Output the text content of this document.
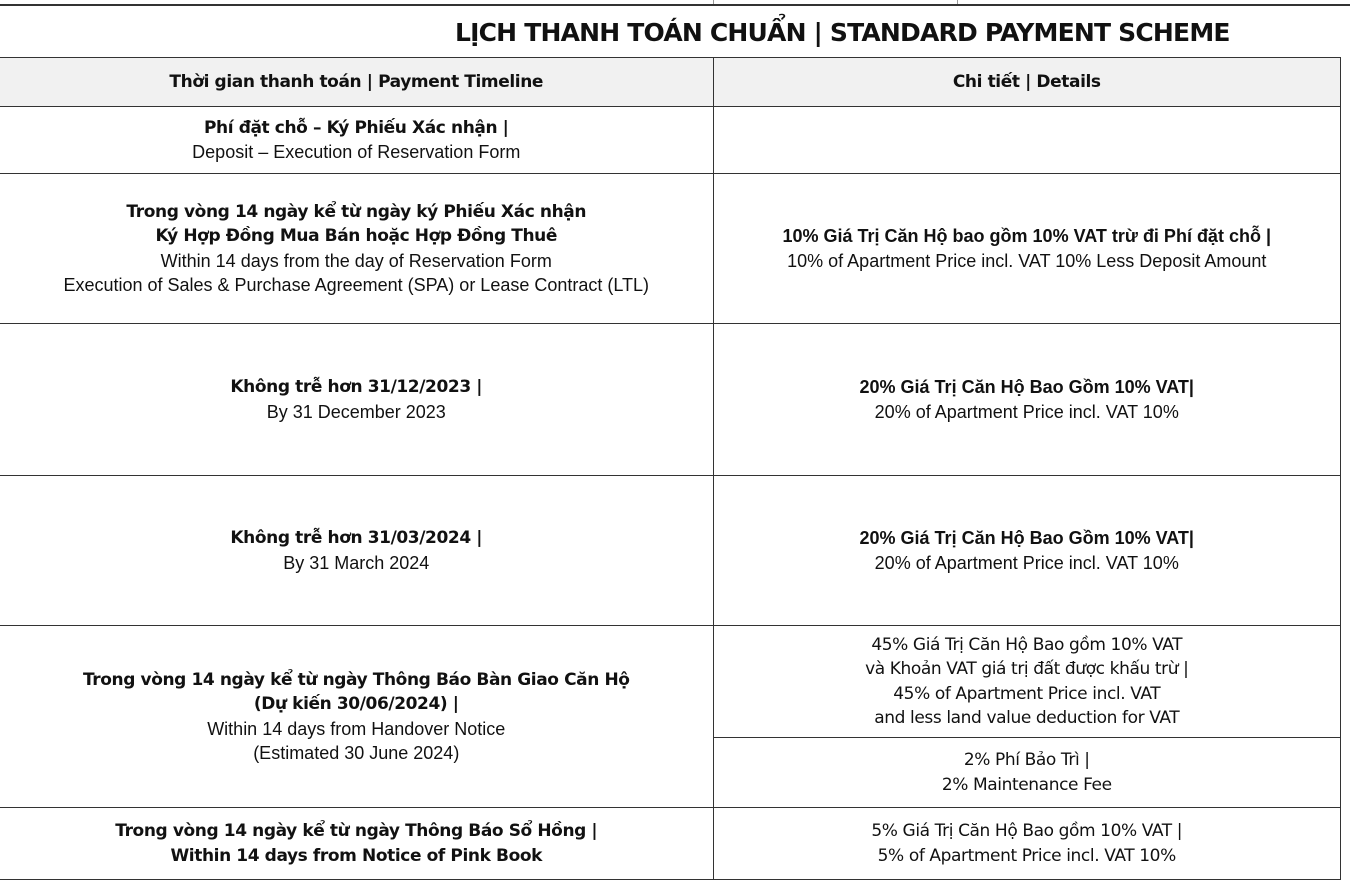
LỊCH THANH TOÁN CHUẨN | STANDARD PAYMENT SCHEME
Thời gian thanh toán | Payment Timeline	Chi tiết | Details

Phí đặt chỗ – Ký Phiếu Xác nhận |
Deposit – Execution of Reservation Form	

Trong vòng 14 ngày kể từ ngày ký Phiếu Xác nhận
Ký Hợp Đồng Mua Bán hoặc Hợp Đồng Thuê
Within 14 days from the day of Reservation Form
Execution of Sales & Purchase Agreement (SPA) or Lease Contract (LTL)	10% Giá Trị Căn Hộ bao gồm 10% VAT trừ đi Phí đặt chỗ |
10% of Apartment Price incl. VAT 10% Less Deposit Amount

Không trễ hơn 31/12/2023 |
By 31 December 2023	20% Giá Trị Căn Hộ Bao Gồm 10% VAT|
20% of Apartment Price incl. VAT 10%

Không trễ hơn 31/03/2024 |
By 31 March 2024	20% Giá Trị Căn Hộ Bao Gồm 10% VAT|
20% of Apartment Price incl. VAT 10%

Trong vòng 14 ngày kể từ ngày Thông Báo Bàn Giao Căn Hộ
(Dự kiến 30/06/2024) |
Within 14 days from Handover Notice
(Estimated 30 June 2024)	45% Giá Trị Căn Hộ Bao gồm 10% VAT
và Khoản VAT giá trị đất được khấu trừ |
45% of Apartment Price incl. VAT
and less land value deduction for VAT

	2% Phí Bảo Trì |
2% Maintenance Fee

Trong vòng 14 ngày kể từ ngày Thông Báo Sổ Hồng |
Within 14 days from Notice of Pink Book	5% Giá Trị Căn Hộ Bao gồm 10% VAT |
5% of Apartment Price incl. VAT 10%
